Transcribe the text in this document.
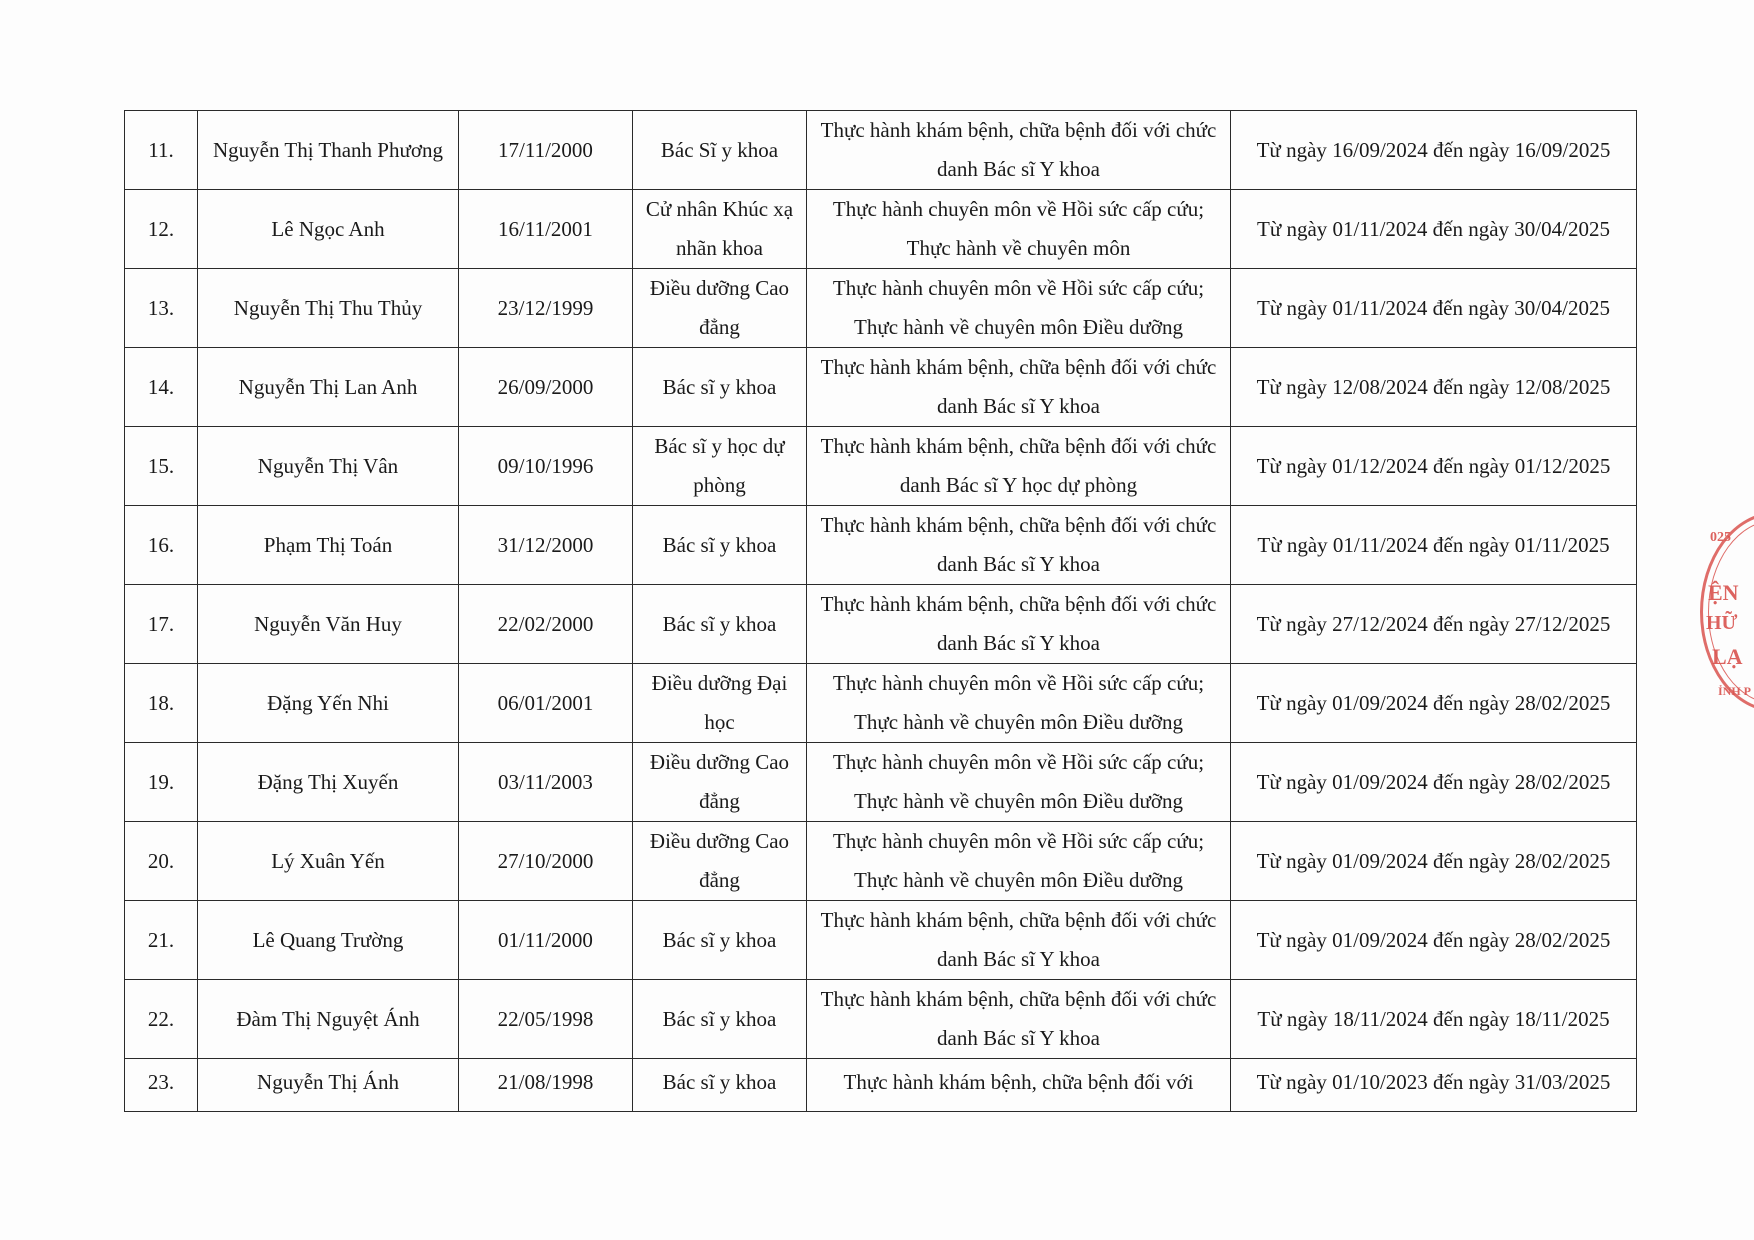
11.	Nguyễn Thị Thanh Phương	17/11/2000	Bác Sĩ y khoa	Thực hành khám bệnh, chữa bệnh đối với chức danh Bác sĩ Y khoa	Từ ngày 16/09/2024 đến ngày 16/09/2025
12.	Lê Ngọc Anh	16/11/2001	Cử nhân Khúc xạ nhãn khoa	Thực hành chuyên môn về Hồi sức cấp cứu; Thực hành về chuyên môn	Từ ngày 01/11/2024 đến ngày 30/04/2025
13.	Nguyễn Thị Thu Thủy	23/12/1999	Điều dưỡng Cao đẳng	Thực hành chuyên môn về Hồi sức cấp cứu; Thực hành về chuyên môn Điều dưỡng	Từ ngày 01/11/2024 đến ngày 30/04/2025
14.	Nguyễn Thị Lan Anh	26/09/2000	Bác sĩ y khoa	Thực hành khám bệnh, chữa bệnh đối với chức danh Bác sĩ Y khoa	Từ ngày 12/08/2024 đến ngày 12/08/2025
15.	Nguyễn Thị Vân	09/10/1996	Bác sĩ y học dự phòng	Thực hành khám bệnh, chữa bệnh đối với chức danh Bác sĩ Y học dự phòng	Từ ngày 01/12/2024 đến ngày 01/12/2025
16.	Phạm Thị Toán	31/12/2000	Bác sĩ y khoa	Thực hành khám bệnh, chữa bệnh đối với chức danh Bác sĩ Y khoa	Từ ngày 01/11/2024 đến ngày 01/11/2025
17.	Nguyễn Văn Huy	22/02/2000	Bác sĩ y khoa	Thực hành khám bệnh, chữa bệnh đối với chức danh Bác sĩ Y khoa	Từ ngày 27/12/2024 đến ngày 27/12/2025
18.	Đặng Yến Nhi	06/01/2001	Điều dưỡng Đại học	Thực hành chuyên môn về Hồi sức cấp cứu; Thực hành về chuyên môn Điều dưỡng	Từ ngày 01/09/2024 đến ngày 28/02/2025
19.	Đặng Thị Xuyến	03/11/2003	Điều dưỡng Cao đẳng	Thực hành chuyên môn về Hồi sức cấp cứu; Thực hành về chuyên môn Điều dưỡng	Từ ngày 01/09/2024 đến ngày 28/02/2025
20.	Lý Xuân Yến	27/10/2000	Điều dưỡng Cao đẳng	Thực hành chuyên môn về Hồi sức cấp cứu; Thực hành về chuyên môn Điều dưỡng	Từ ngày 01/09/2024 đến ngày 28/02/2025
21.	Lê Quang Trường	01/11/2000	Bác sĩ y khoa	Thực hành khám bệnh, chữa bệnh đối với chức danh Bác sĩ Y khoa	Từ ngày 01/09/2024 đến ngày 28/02/2025
22.	Đàm Thị Nguyệt Ánh	22/05/1998	Bác sĩ y khoa	Thực hành khám bệnh, chữa bệnh đối với chức danh Bác sĩ Y khoa	Từ ngày 18/11/2024 đến ngày 18/11/2025
23.	Nguyễn Thị Ánh	21/08/1998	Bác sĩ y khoa	Thực hành khám bệnh, chữa bệnh đối với	Từ ngày 01/10/2023 đến ngày 31/03/2025
025
ỆN
HỮ
LẠ
ỈNH P
